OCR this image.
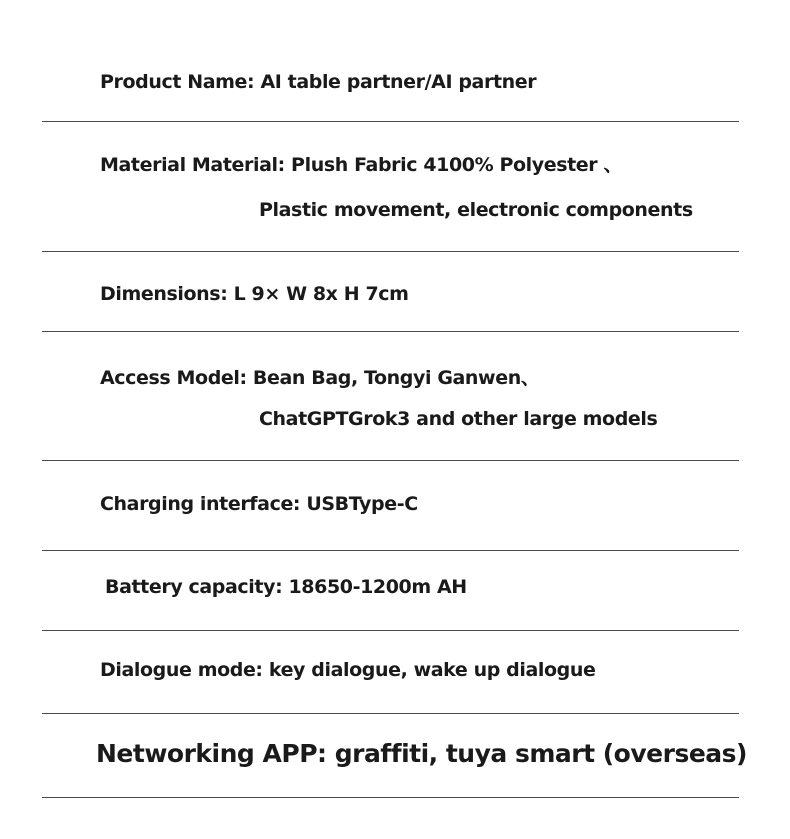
Product Name: AI table partner/AI partner
Material Material: Plush Fabric 4100% Polyester 、
Plastic movement, electronic components
Dimensions: L 9× W 8x H 7cm
Access Model: Bean Bag, Tongyi Ganwen、
ChatGPTGrok3 and other large models
Charging interface: USBType-C
Battery capacity: 18650-1200m AH
Dialogue mode: key dialogue, wake up dialogue
Networking APP: graffiti, tuya smart (overseas)
